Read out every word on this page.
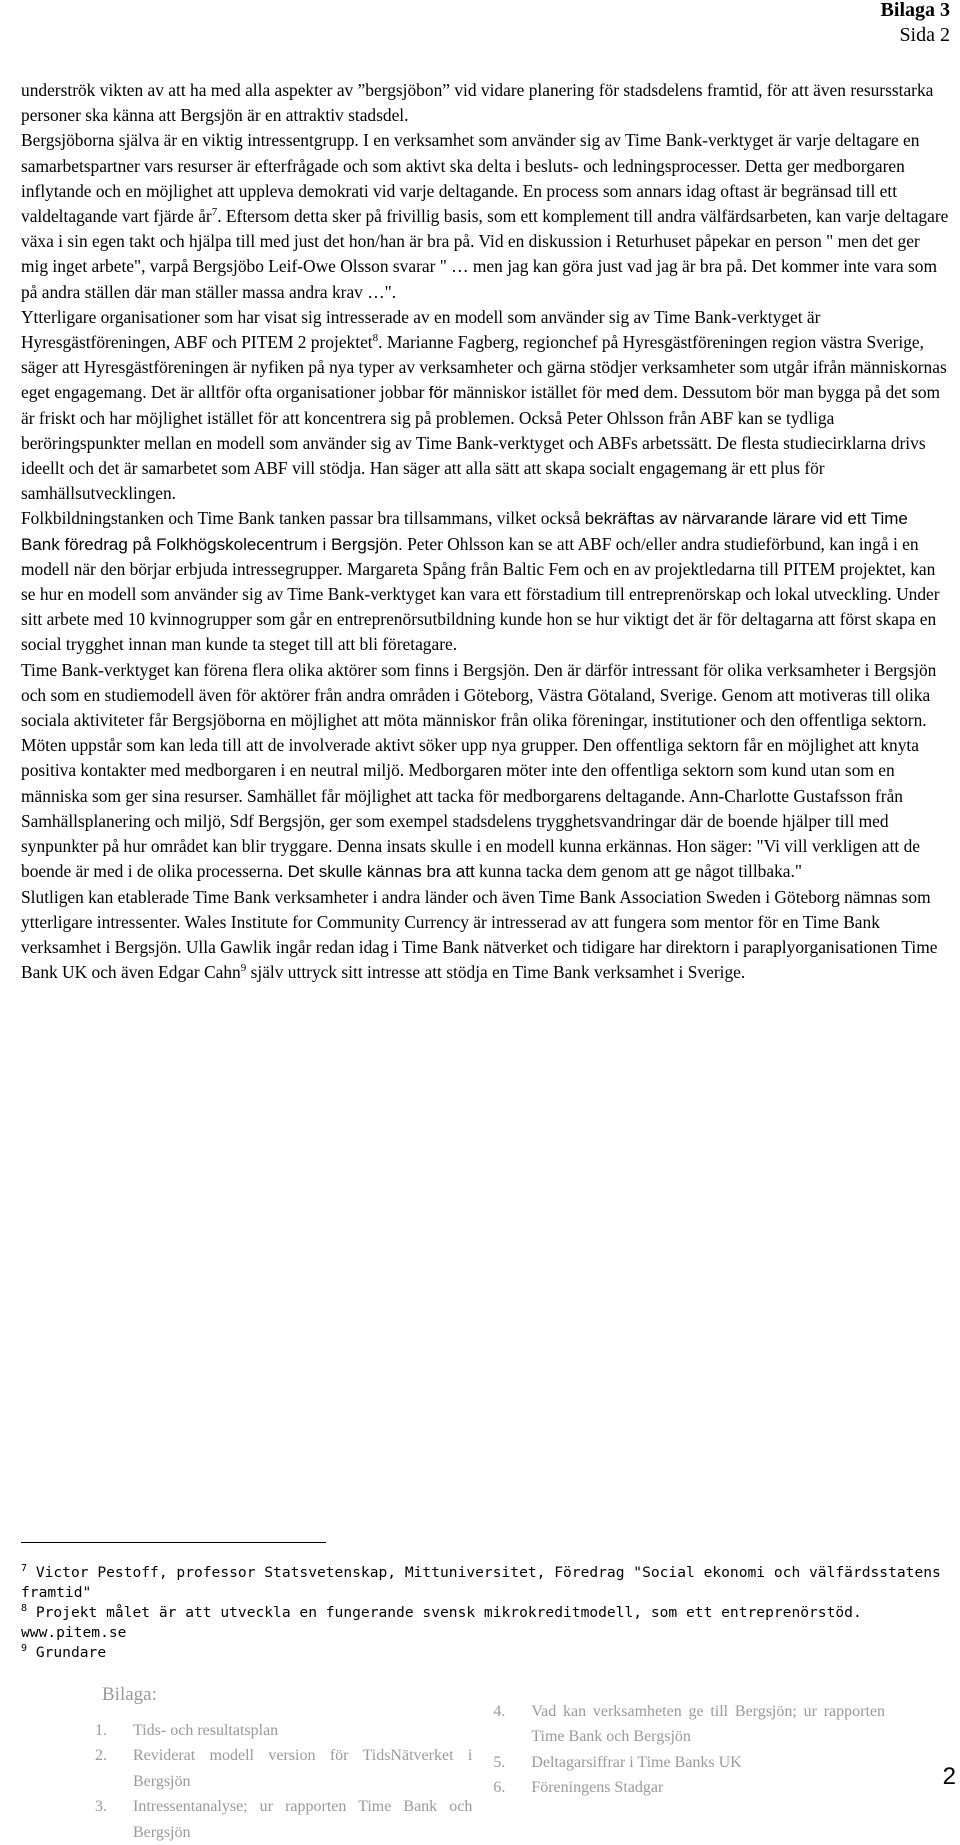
Bilaga 3
Sida 2

underströk vikten av att ha med alla aspekter av ”bergsjöbon” vid vidare planering för stadsdelens framtid, för att även resursstarka personer ska känna att Bergsjön är en attraktiv stadsdel.

Bergsjöborna själva är en viktig intressentgrupp. I en verksamhet som använder sig av Time Bank-verktyget är varje deltagare en samarbetspartner vars resurser är efterfrågade och som aktivt ska delta i besluts- och ledningsprocesser. Detta ger medborgaren inflytande och en möjlighet att uppleva demokrati vid varje deltagande. En process som annars idag oftast är begränsad till ett valdeltagande vart fjärde $år^7$. Eftersom detta sker på frivillig basis, som ett komplement till andra välfärdsarbeten, kan varje deltagare växa i sin egen takt och hjälpa till med just det hon/han är bra på. Vid en diskussion i Returhuset påpekar en person " men det ger mig inget arbete", varpå Bergsjöbo Leif-Owe Olsson svarar " … men jag kan göra just vad jag är bra på. Det kommer inte vara som på andra ställen där man ställer massa andra krav …".

Ytterligare organisationer som har visat sig intresserade av en modell som använder sig av Time Bank-verktyget är Hyresgästföreningen, ABF och PITEM 2 projektet$^8$. Marianne Fagberg, regionchef på Hyresgästföreningen region västra Sverige, säger att Hyresgästföreningen är nyfiken på nya typer av verksamheter och gärna stödjer verksamheter som utgår ifrån människornas eget engagemang. Det är alltför ofta organisationer jobbar för människor istället för med dem. Dessutom bör man bygga på det som är friskt och har möjlighet istället för att koncentrera sig på problemen. Också Peter Ohlsson från ABF kan se tydliga beröringspunkter mellan en modell som använder sig av Time Bank-verktyget och ABFs arbetssätt. De flesta studiecirklarna drivs ideellt och det är samarbetet som ABF vill stödja. Han säger att alla sätt att skapa socialt engagemang är ett plus för samhällsutvecklingen.

Folkbildningstanken och Time Bank tanken passar bra tillsammans, vilket också bekräftas av närvarande lärare vid ett Time Bank föredrag på Folkhögskolecentrum i Bergsjön. Peter Ohlsson kan se att ABF och/eller andra studieförbund, kan ingå i en modell när den börjar erbjuda intressegrupper. Margareta Spång från Baltic Fem och en av projektledarna till PITEM projektet, kan se hur en modell som använder sig av Time Bank-verktyget kan vara ett förstadium till entreprenörskap och lokal utveckling. Under sitt arbete med 10 kvinnogrupper som går en entreprenörsutbildning kunde hon se hur viktigt det är för deltagarna att först skapa en social trygghet innan man kunde ta steget till att bli företagare.

Time Bank-verktyget kan förena flera olika aktörer som finns i Bergsjön. Den är därför intressant för olika verksamheter i Bergsjön och som en studiemodell även för aktörer från andra områden i Göteborg, Västra Götaland, Sverige. Genom att motiveras till olika sociala aktiviteter får Bergsjöborna en möjlighet att möta människor från olika föreningar, institutioner och den offentliga sektorn. Möten uppstår som kan leda till att de involverade aktivt söker upp nya grupper. Den offentliga sektorn får en möjlighet att knyta positiva kontakter med medborgaren i en neutral miljö. Medborgaren möter inte den offentliga sektorn som kund utan som en människa som ger sina resurser. Samhället får möjlighet att tacka för medborgarens deltagande. Ann-Charlotte Gustafsson från Samhällsplanering och miljö, Sdf Bergsjön, ger som exempel stadsdelens trygghetsvandringar där de boende hjälper till med synpunkter på hur området kan blir tryggare. Denna insats skulle i en modell kunna erkännas. Hon säger: "Vi vill verkligen att de boende är med i de olika processerna. Det skulle kännas bra att kunna tacka dem genom att ge något tillbaka."

Slutligen kan etablerade Time Bank verksamheter i andra länder och även Time Bank Association Sweden i Göteborg nämnas som ytterligare intressenter. Wales Institute for Community Currency är intresserad av att fungera som mentor för en Time Bank verksamhet i Bergsjön. Ulla Gawlik ingår redan idag i Time Bank nätverket och tidigare har direktorn i paraplyorganisationen Time Bank UK och även Edgar Cahn$^9$ själv uttryck sitt intresse att stödja en Time Bank verksamhet i Sverige.

$^7$ Victor Pestoff, professor Statsvetenskap, Mittuniversitet, Föredrag "Social ekonomi och välfärdsstatens framtid"

$^8$ Projekt målet är att utveckla en fungerande svensk mikrokreditmodell, som ett entreprenörstöd. www.pitem.se

$^9$ Grundare

Bilaga:
1.	Tids- och resultatsplan
2.	Reviderat modell version för TidsNätverket i Bergsjön
3.	Intressentanalyse; ur rapporten Time Bank och Bergsjön
4.	Vad kan verksamheten ge till Bergsjön; ur rapporten Time Bank och Bergsjön
5.	Deltagarsiffrar i Time Banks UK
6.	Föreningens Stadgar	2
